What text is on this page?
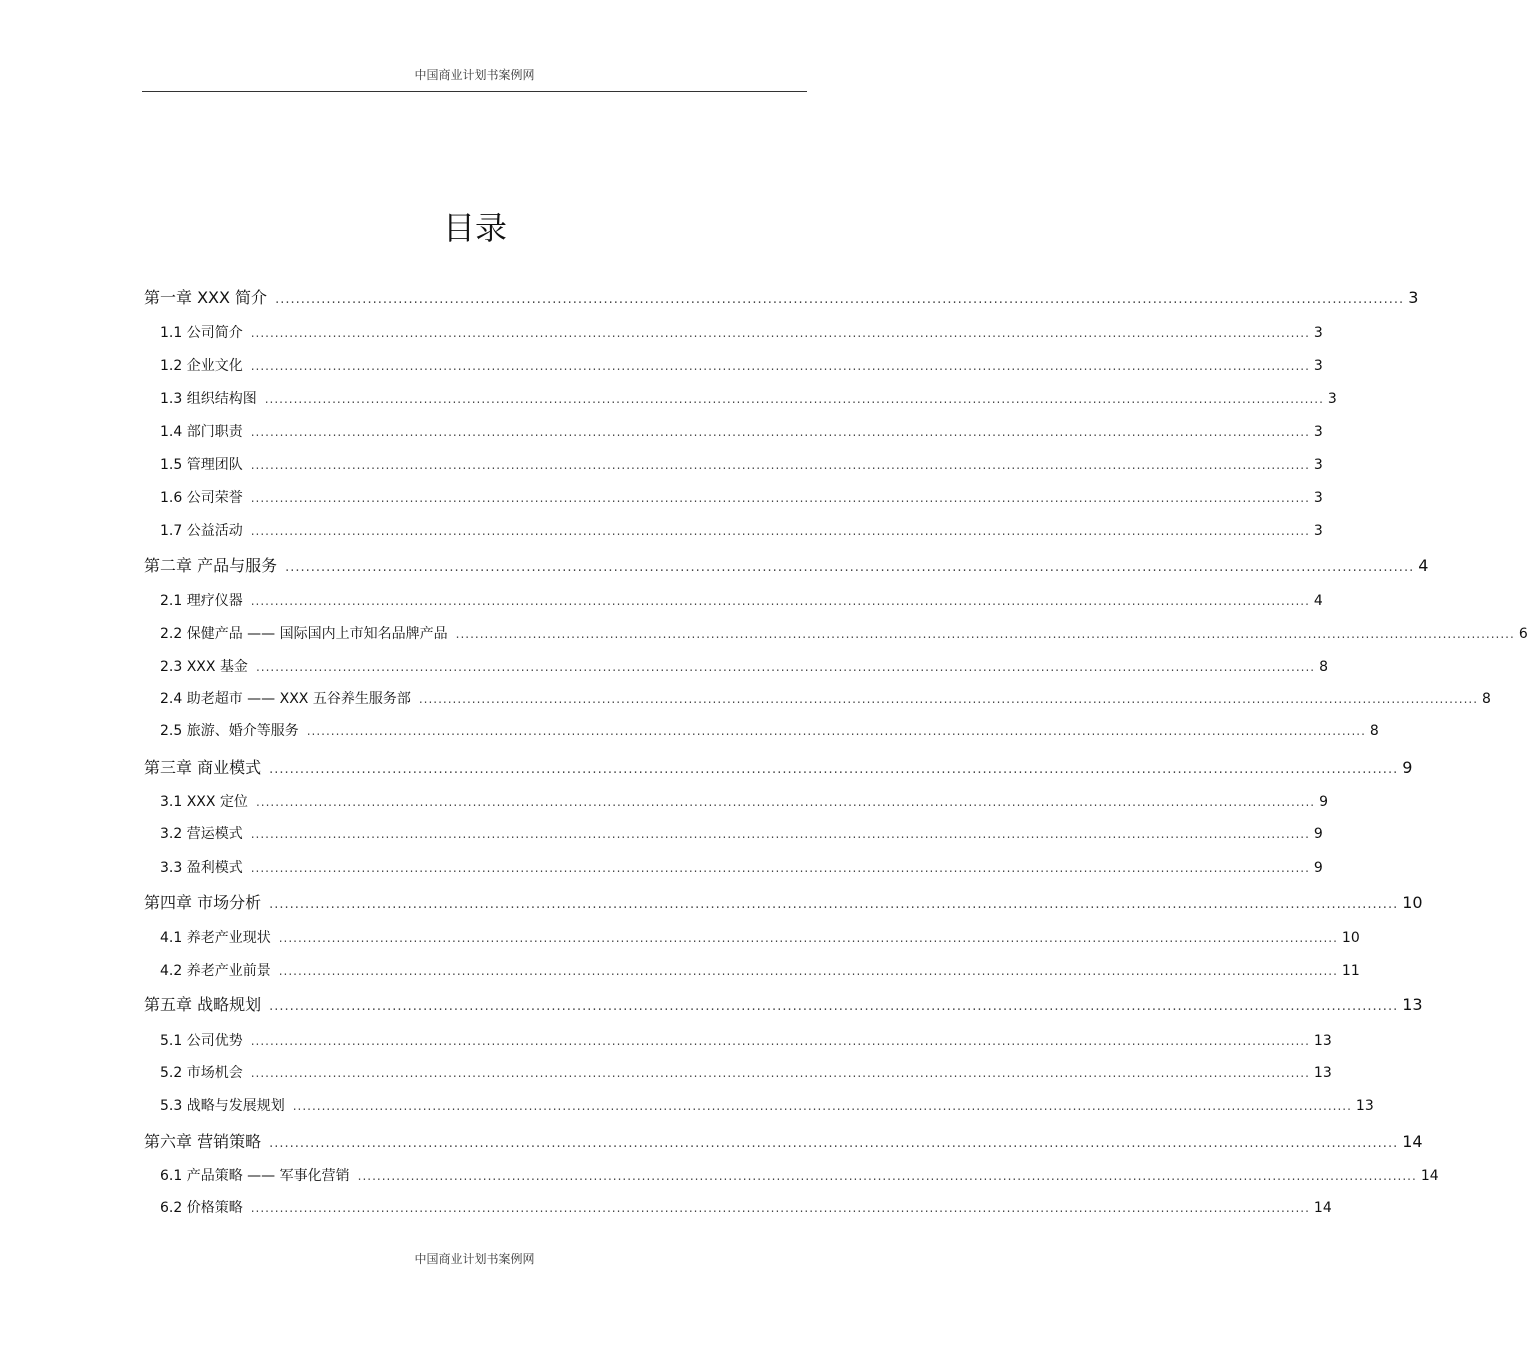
中国商业计划书案例网
目录
第一章 XXX 简介 ............................................................................................................................................................................................................................ 3
1.1 公司简介 ............................................................................................................................................................................................................................ 3
1.2 企业文化 ............................................................................................................................................................................................................................ 3
1.3 组织结构图 ............................................................................................................................................................................................................................ 3
1.4 部门职责 ............................................................................................................................................................................................................................ 3
1.5 管理团队 ............................................................................................................................................................................................................................ 3
1.6 公司荣誉 ............................................................................................................................................................................................................................ 3
1.7 公益活动 ............................................................................................................................................................................................................................ 3
第二章 产品与服务 ............................................................................................................................................................................................................................ 4
2.1 理疗仪器 ............................................................................................................................................................................................................................ 4
2.2 保健产品 —— 国际国内上市知名品牌产品 ............................................................................................................................................................................................................................ 6
2.3 XXX 基金 ............................................................................................................................................................................................................................ 8
2.4 助老超市 —— XXX 五谷养生服务部 ............................................................................................................................................................................................................................ 8
2.5 旅游、婚介等服务 ............................................................................................................................................................................................................................ 8
第三章 商业模式 ............................................................................................................................................................................................................................ 9
3.1 XXX 定位 ............................................................................................................................................................................................................................ 9
3.2 营运模式 ............................................................................................................................................................................................................................ 9
3.3 盈利模式 ............................................................................................................................................................................................................................ 9
第四章 市场分析 ............................................................................................................................................................................................................................ 10
4.1 养老产业现状 ............................................................................................................................................................................................................................ 10
4.2 养老产业前景 ............................................................................................................................................................................................................................ 11
第五章 战略规划 ............................................................................................................................................................................................................................ 13
5.1 公司优势 ............................................................................................................................................................................................................................ 13
5.2 市场机会 ............................................................................................................................................................................................................................ 13
5.3 战略与发展规划 ............................................................................................................................................................................................................................ 13
第六章 营销策略 ............................................................................................................................................................................................................................ 14
6.1 产品策略 —— 军事化营销 ............................................................................................................................................................................................................................ 14
6.2 价格策略 ............................................................................................................................................................................................................................ 14
中国商业计划书案例网
